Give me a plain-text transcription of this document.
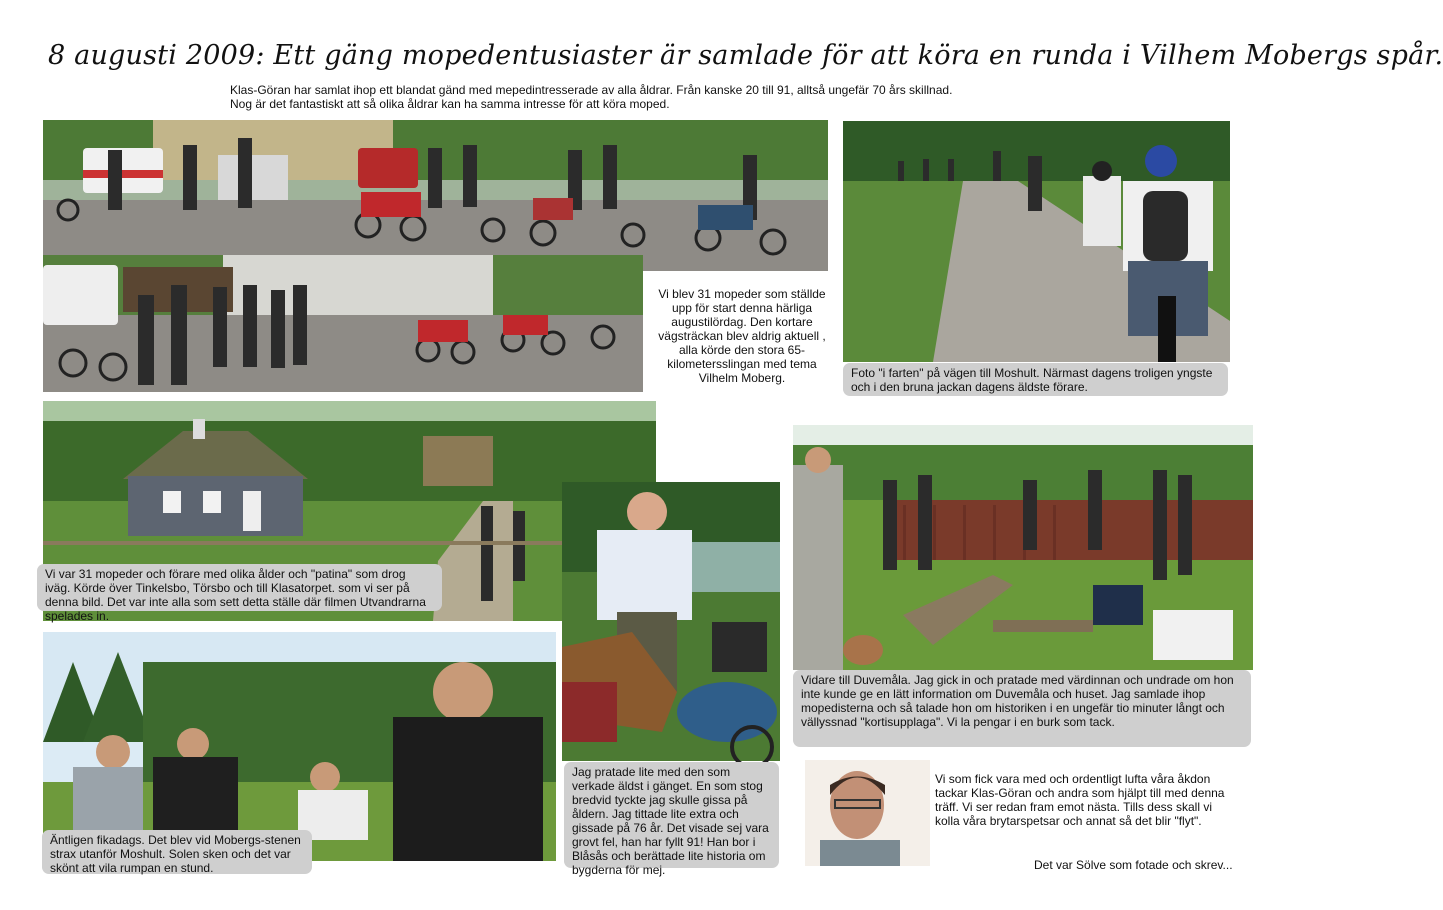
8 augusti 2009: Ett gäng mopedentusiaster är samlade för att köra en runda i Vilhem Mobergs spår.
Klas-Göran har samlat ihop ett blandat gänd med mepedintresserade av alla åldrar. Från kanske 20 till 91, alltså ungefär 70 års skillnad.
Nog är det fantastiskt att så olika åldrar kan ha samma intresse för att köra moped.
Vi blev 31 mopeder som ställde upp för start denna härliga augustilördag. Den kortare vägsträckan blev aldrig aktuell , alla körde den stora 65-kilometersslingan med tema Vilhelm Moberg.	Foto "i farten" på vägen till Moshult. Närmast dagens troligen yngste och i den bruna jackan dagens äldste förare.
Vi var 31 mopeder och förare med olika ålder och "patina" som drog iväg. Körde över Tinkelsbo, Törsbo och till Klasatorpet. som vi ser på denna bild. Det var inte alla som sett detta ställe där filmen Utvandrarna spelades in.
Äntligen fikadags. Det blev vid Mobergs-stenen strax utanför Moshult. Solen sken och det var skönt att vila rumpan en stund.
Jag pratade lite med den som verkade äldst i gänget. En som stog bredvid tyckte jag skulle gissa på åldern. Jag tittade lite extra och gissade på 76 år. Det visade sej vara grovt fel, han har fyllt 91! Han bor i Blåsås och berättade lite historia om bygderna för mej.
Vidare till Duvemåla. Jag gick in och pratade med värdinnan och undrade om hon inte kunde ge en lätt information om Duvemåla och huset. Jag samlade ihop mopedisterna och så talade hon om historiken i en ungefär tio minuter långt och vällyssnad "kortisupplaga". Vi la pengar i en burk som tack.
Vi som fick vara med och ordentligt lufta våra åkdon tackar Klas-Göran och andra som hjälpt till med denna träff. Vi ser redan fram emot nästa. Tills dess skall vi kolla våra brytarspetsar och annat så det blir "flyt".
Det var Sölve som fotade och skrev...
